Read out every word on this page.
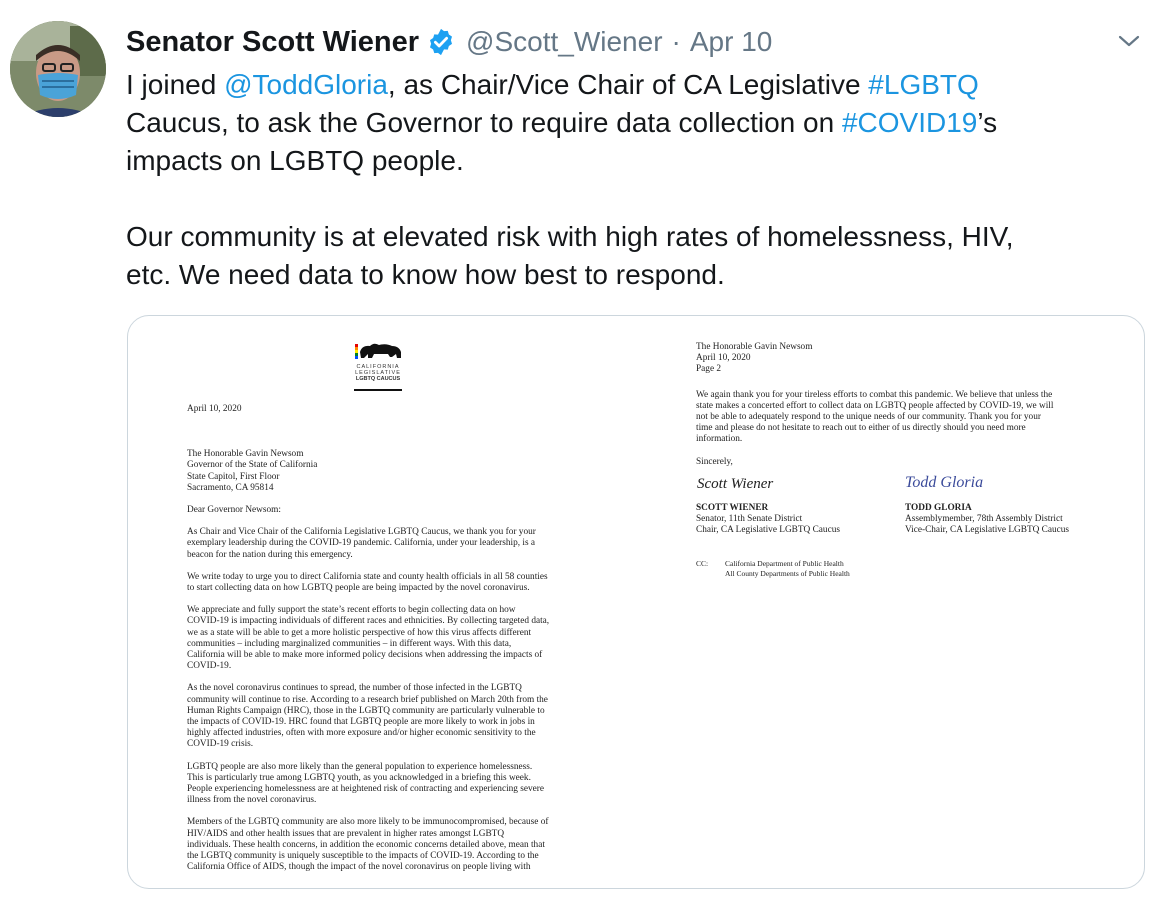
Senator Scott Wiener @Scott_Wiener · Apr 10

I joined @ToddGloria, as Chair/Vice Chair of CA Legislative #LGBTQ

Caucus, to ask the Governor to require data collection on #COVID19’s

impacts on LGBTQ people.

Our community is at elevated risk with high rates of homelessness, HIV,

etc. We need data to know how best to respond.

CALIFORNIA
LEGISLATIVE
LGBTQ CAUCUS

April 10, 2020

The Honorable Gavin Newsom
Governor of the State of California
State Capitol, First Floor
Sacramento, CA 95814

Dear Governor Newsom:

As Chair and Vice Chair of the California Legislative LGBTQ Caucus, we thank you for your
exemplary leadership during the COVID-19 pandemic. California, under your leadership, is a
beacon for the nation during this emergency.

We write today to urge you to direct California state and county health officials in all 58 counties
to start collecting data on how LGBTQ people are being impacted by the novel coronavirus.

We appreciate and fully support the state’s recent efforts to begin collecting data on how
COVID-19 is impacting individuals of different races and ethnicities. By collecting targeted data,
we as a state will be able to get a more holistic perspective of how this virus affects different
communities – including marginalized communities – in different ways. With this data,
California will be able to make more informed policy decisions when addressing the impacts of
COVID-19.

As the novel coronavirus continues to spread, the number of those infected in the LGBTQ
community will continue to rise. According to a research brief published on March 20th from the
Human Rights Campaign (HRC), those in the LGBTQ community are particularly vulnerable to
the impacts of COVID-19. HRC found that LGBTQ people are more likely to work in jobs in
highly affected industries, often with more exposure and/or higher economic sensitivity to the
COVID-19 crisis.

LGBTQ people are also more likely than the general population to experience homelessness.
This is particularly true among LGBTQ youth, as you acknowledged in a briefing this week.
People experiencing homelessness are at heightened risk of contracting and experiencing severe
illness from the novel coronavirus.

Members of the LGBTQ community are also more likely to be immunocompromised, because of
HIV/AIDS and other health issues that are prevalent in higher rates amongst LGBTQ
individuals. These health concerns, in addition the economic concerns detailed above, mean that
the LGBTQ community is uniquely susceptible to the impacts of COVID-19. According to the
California Office of AIDS, though the impact of the novel coronavirus on people living with

The Honorable Gavin Newsom
April 10, 2020
Page 2

We again thank you for your tireless efforts to combat this pandemic. We believe that unless the
state makes a concerted effort to collect data on LGBTQ people affected by COVID-19, we will
not be able to adequately respond to the unique needs of our community. Thank you for your
time and please do not hesitate to reach out to either of us directly should you need more
information.

Sincerely,

Scott Wiener	Todd Gloria
SCOTT WIENER
Senator, 11th Senate District
Chair, CA Legislative LGBTQ Caucus
TODD GLORIA
Assemblymember, 78th Assembly District
Vice-Chair, CA Legislative LGBTQ Caucus
CC: California Department of Public Health
All County Departments of Public Health
